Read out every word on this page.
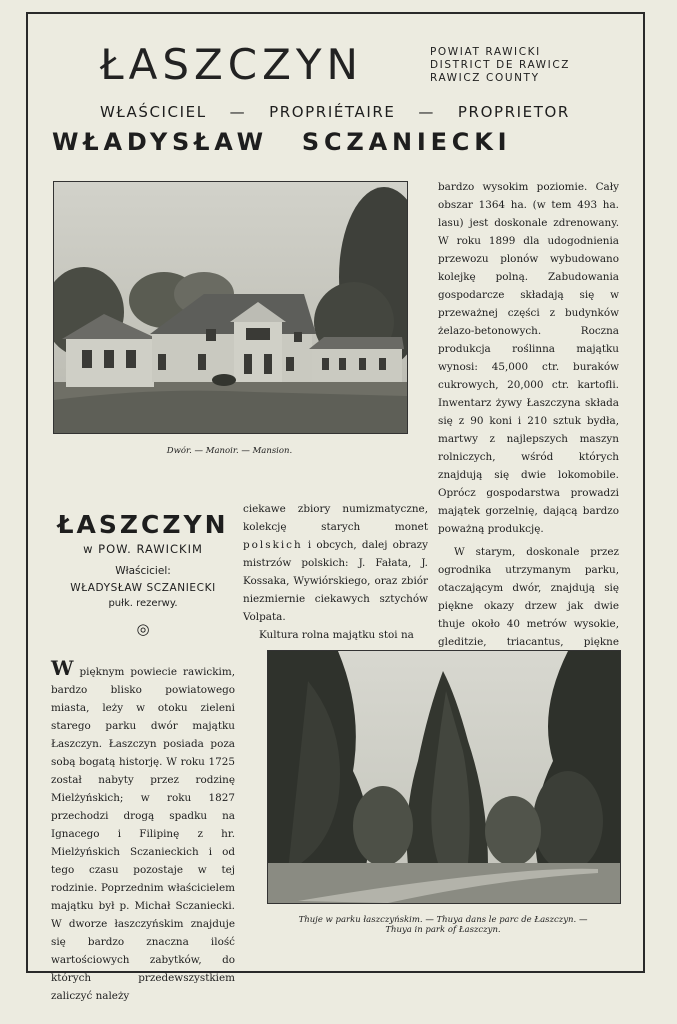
ŁASZCZYN	POWIAT RAWICKI
DISTRICT DE RAWICZ
RAWICZ COUNTY
WŁAŚCICIEL — PROPRIÉTAIRE — PROPRIETOR
WŁADYSŁAW SCZANIECKI
Dwór. — Manoir. — Mansion.

bardzo wysokim poziomie. Cały obszar 1364 ha. (w tem 493 ha. lasu) jest doskonale zdrenowany. W roku 1899 dla udogodnienia przewozu plonów wybudowano kolejkę polną. Zabudowania gospodarcze składają się w przeważnej części z budynków żelazo-betonowych. Roczna produkcja roślinna majątku wynosi: 45,000 ctr. buraków cukrowych, 20,000 ctr. kartofli. Inwentarz żywy Łaszczyna składa się z 90 koni i 210 sztuk bydła, martwy z najlepszych maszyn rolniczych, wśród których znajdują się dwie lokomobile. Oprócz gospodarstwa prowadzi majątek gorzelnię, dającą bardzo poważną produkcję.

W starym, doskonale przez ogrodnika utrzymanym parku, otaczającym dwór, znajdują się piękne okazy drzew jak dwie thuje około 40 metrów wysokie, gleditzie, triacantus, piękne

ŁASZCZYN
w POW. RAWICKIM
Właściciel:
WŁADYSŁAW SCZANIECKI
pułk. rezerwy.
◎

ciekawe zbiory numizmatyczne, kolekcję starych monet polskich i obcych, dalej obrazy mistrzów polskich: J. Fałata, J. Kossaka, Wywiórskiego, oraz zbiór niezmiernie ciekawych sztychów Volpata.

Kultura rolna majątku stoi na

W pięknym powiecie rawickim, bardzo blisko powiatowego miasta, leży w otoku zieleni starego parku dwór majątku Łaszczyn. Łaszczyn posiada poza sobą bogatą historję. W roku 1725 został nabyty przez rodzinę Mielżyńskich; w roku 1827 przechodzi drogą spadku na Ignacego i Filipinę z hr. Mielżyńskich Sczanieckich i od tego czasu pozostaje w tej rodzinie. Poprzednim właścicielem majątku był p. Michał Sczaniecki. W dworze łaszczyńskim znajduje się bardzo znaczna ilość wartościowych zabytków, do których przedewszystkiem zaliczyć należy

Thuje w parku łaszczyńskim. — Thuya dans le parc de Łaszczyn. —
Thuya in park of Łaszczyn.
